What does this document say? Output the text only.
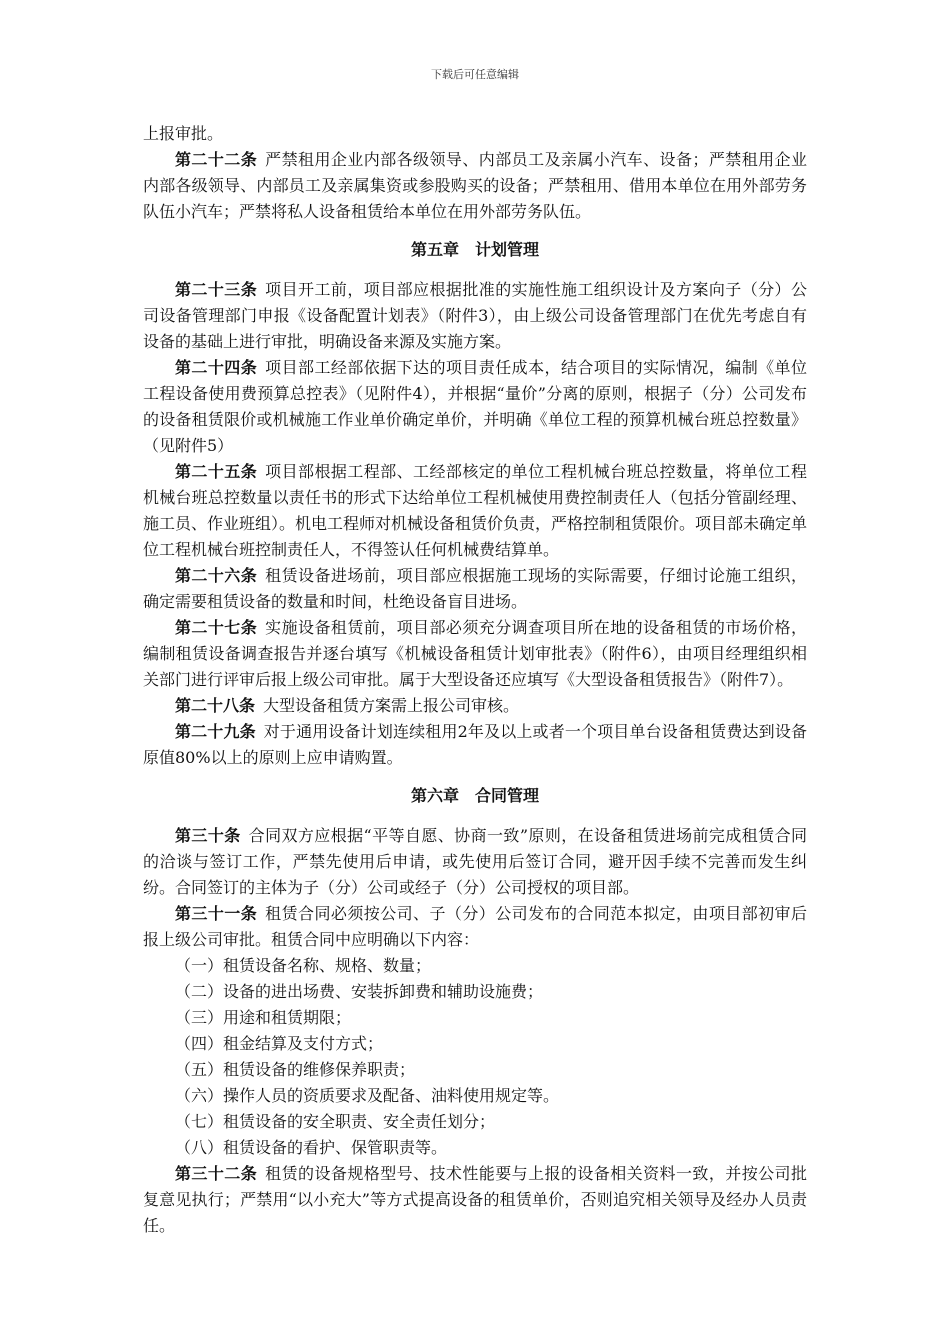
下载后可任意编辑

上报审批。

第二十二条 严禁租用企业内部各级领导、内部员工及亲属小汽车、设备；严禁租用企业内部各级领导、内部员工及亲属集资或参股购买的设备；严禁租用、借用本单位在用外部劳务队伍小汽车；严禁将私人设备租赁给本单位在用外部劳务队伍。

第五章　计划管理

第二十三条 项目开工前，项目部应根据批准的实施性施工组织设计及方案向子（分）公司设备管理部门申报《设备配置计划表》（附件3），由上级公司设备管理部门在优先考虑自有设备的基础上进行审批，明确设备来源及实施方案。

第二十四条 项目部工经部依据下达的项目责任成本，结合项目的实际情况，编制《单位工程设备使用费预算总控表》（见附件4），并根据“量价”分离的原则，根据子（分）公司发布的设备租赁限价或机械施工作业单价确定单价，并明确《单位工程的预算机械台班总控数量》（见附件5）

第二十五条 项目部根据工程部、工经部核定的单位工程机械台班总控数量，将单位工程机械台班总控数量以责任书的形式下达给单位工程机械使用费控制责任人（包括分管副经理、施工员、作业班组）。机电工程师对机械设备租赁价负责，严格控制租赁限价。项目部未确定单位工程机械台班控制责任人，不得签认任何机械费结算单。

第二十六条 租赁设备进场前，项目部应根据施工现场的实际需要，仔细讨论施工组织，确定需要租赁设备的数量和时间，杜绝设备盲目进场。

第二十七条 实施设备租赁前，项目部必须充分调查项目所在地的设备租赁的市场价格，编制租赁设备调查报告并逐台填写《机械设备租赁计划审批表》（附件6），由项目经理组织相关部门进行评审后报上级公司审批。属于大型设备还应填写《大型设备租赁报告》（附件7）。

第二十八条 大型设备租赁方案需上报公司审核。

第二十九条 对于通用设备计划连续租用2年及以上或者一个项目单台设备租赁费达到设备原值80%以上的原则上应申请购置。

第六章　合同管理

第三十条 合同双方应根据“平等自愿、协商一致”原则，在设备租赁进场前完成租赁合同的洽谈与签订工作，严禁先使用后申请，或先使用后签订合同，避开因手续不完善而发生纠纷。合同签订的主体为子（分）公司或经子（分）公司授权的项目部。

第三十一条 租赁合同必须按公司、子（分）公司发布的合同范本拟定，由项目部初审后报上级公司审批。租赁合同中应明确以下内容：

（一）租赁设备名称、规格、数量；

（二）设备的进出场费、安装拆卸费和辅助设施费；

（三）用途和租赁期限；

（四）租金结算及支付方式；

（五）租赁设备的维修保养职责；

（六）操作人员的资质要求及配备、油料使用规定等。

（七）租赁设备的安全职责、安全责任划分；

（八）租赁设备的看护、保管职责等。

第三十二条 租赁的设备规格型号、技术性能要与上报的设备相关资料一致，并按公司批复意见执行；严禁用“以小充大”等方式提高设备的租赁单价，否则追究相关领导及经办人员责任。
